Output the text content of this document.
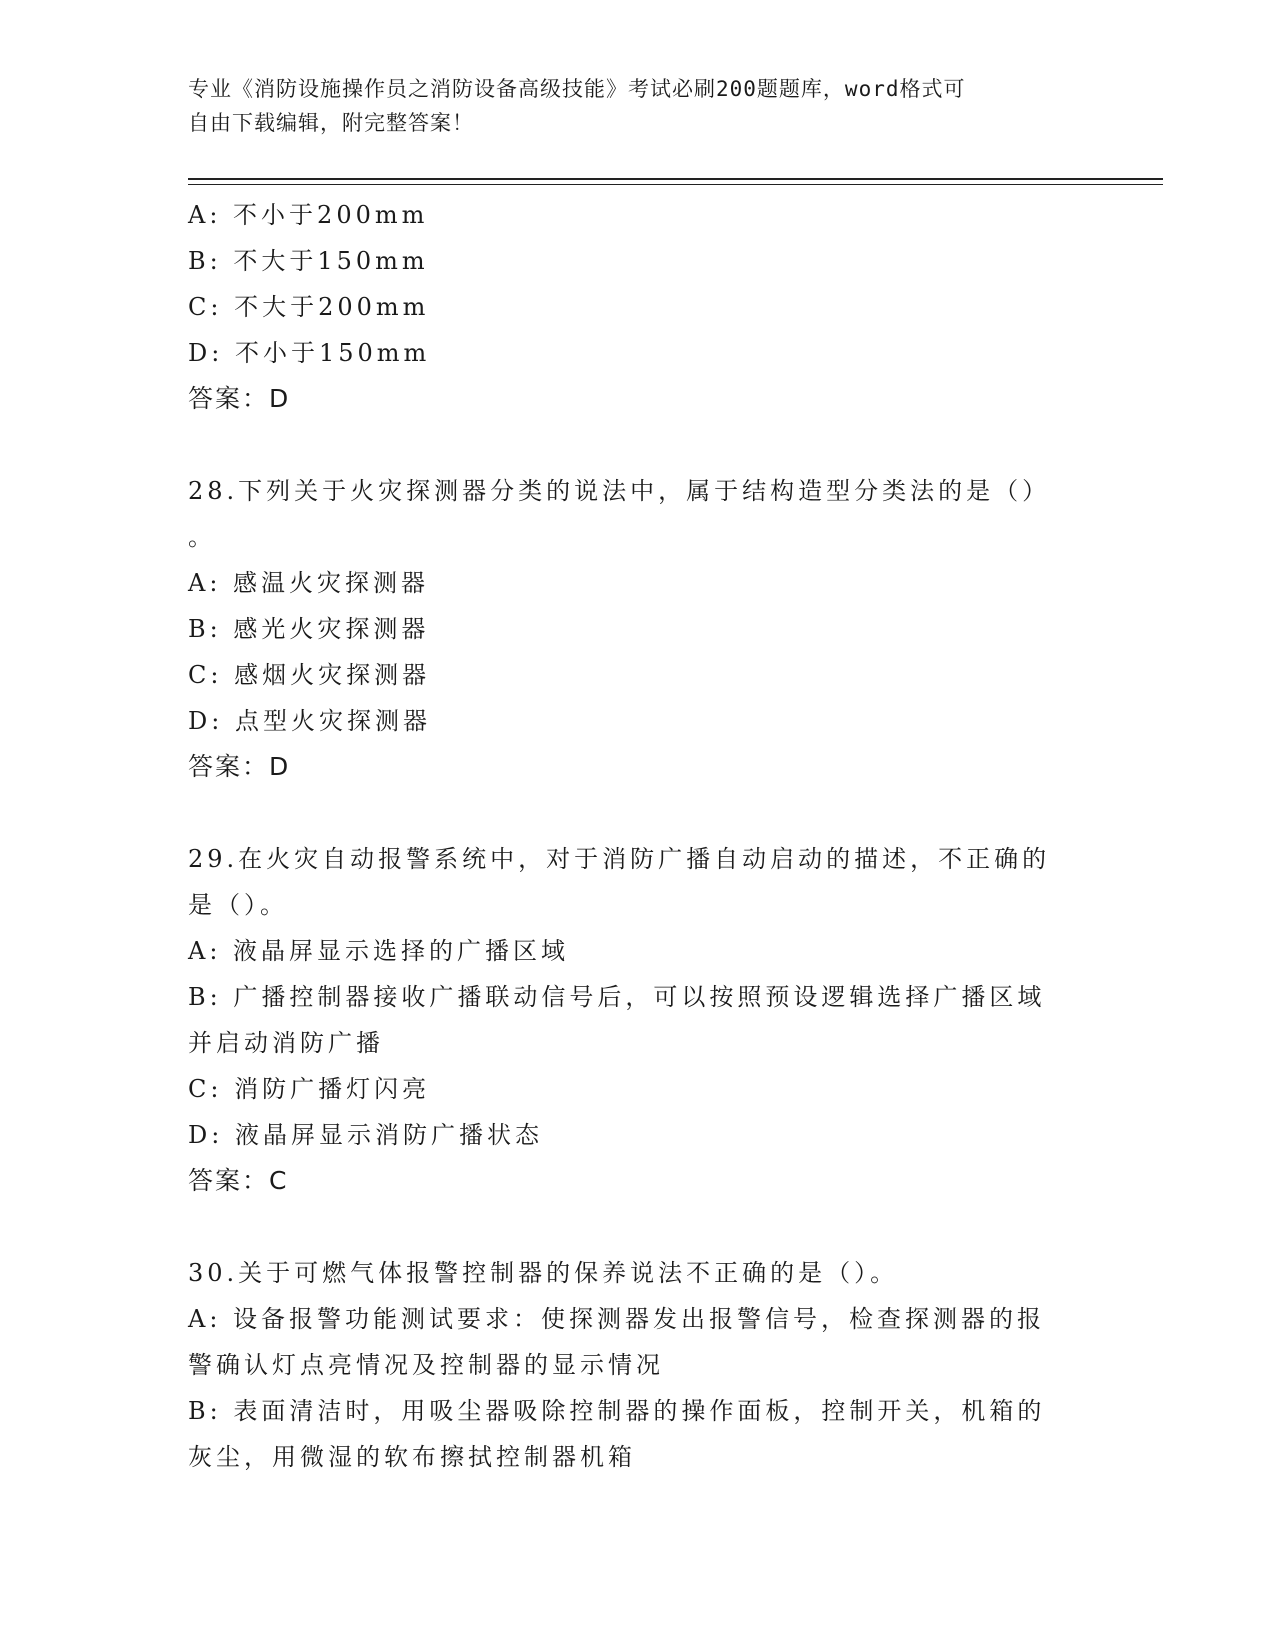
专业《消防设施操作员之消防设备高级技能》考试必刷200题题库，word格式可
自由下载编辑，附完整答案！
A: 不小于200mm
B: 不大于150mm
C: 不大于200mm
D: 不小于150mm
答案：D
28.下列关于火灾探测器分类的说法中，属于结构造型分类法的是（）
。
A: 感温火灾探测器
B: 感光火灾探测器
C: 感烟火灾探测器
D: 点型火灾探测器
答案：D
29.在火灾自动报警系统中，对于消防广播自动启动的描述，不正确的
是（）。
A: 液晶屏显示选择的广播区域
B: 广播控制器接收广播联动信号后，可以按照预设逻辑选择广播区域
并启动消防广播
C: 消防广播灯闪亮
D: 液晶屏显示消防广播状态
答案：C
30.关于可燃气体报警控制器的保养说法不正确的是（）。
A: 设备报警功能测试要求：使探测器发出报警信号，检查探测器的报
警确认灯点亮情况及控制器的显示情况
B: 表面清洁时，用吸尘器吸除控制器的操作面板，控制开关，机箱的
灰尘，用微湿的软布擦拭控制器机箱
